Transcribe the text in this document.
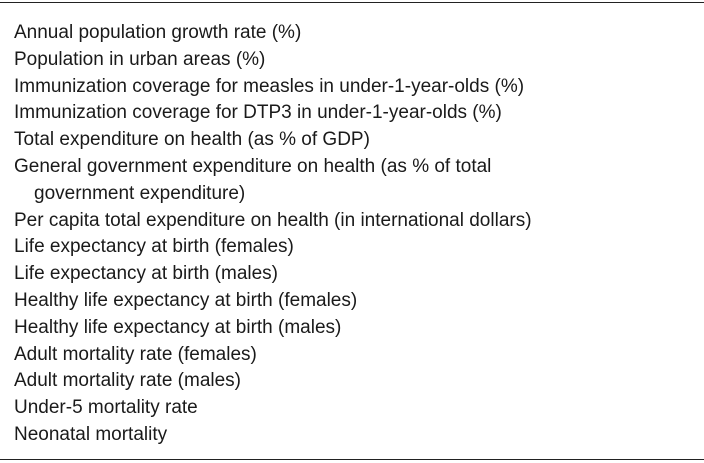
Annual population growth rate (%)
Population in urban areas (%)
Immunization coverage for measles in under-1-year-olds (%)
Immunization coverage for DTP3 in under-1-year-olds (%)
Total expenditure on health (as % of GDP)
General government expenditure on health (as % of total
government expenditure)
Per capita total expenditure on health (in international dollars)
Life expectancy at birth (females)
Life expectancy at birth (males)
Healthy life expectancy at birth (females)
Healthy life expectancy at birth (males)
Adult mortality rate (females)
Adult mortality rate (males)
Under-5 mortality rate
Neonatal mortality
